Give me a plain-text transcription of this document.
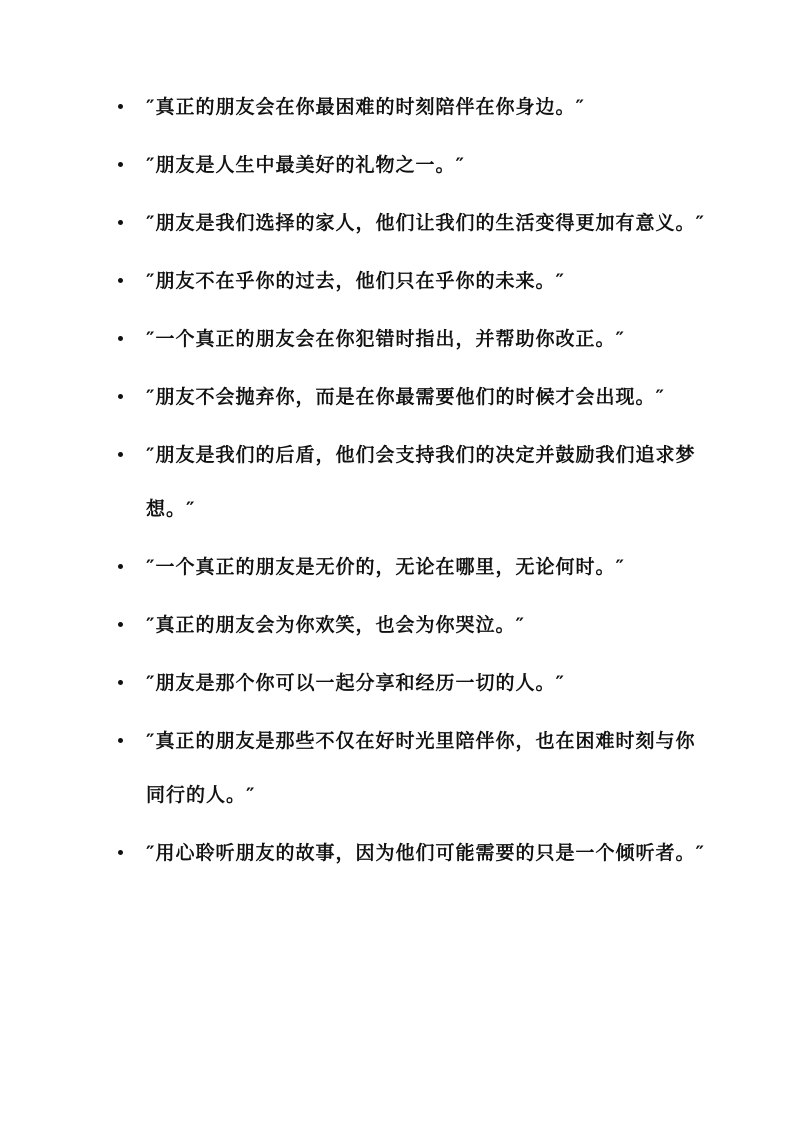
″真正的朋友会在你最困难的时刻陪伴在你身边。″
″朋友是人生中最美好的礼物之一。″
″朋友是我们选择的家人，他们让我们的生活变得更加有意义。″
″朋友不在乎你的过去，他们只在乎你的未来。″
″一个真正的朋友会在你犯错时指出，并帮助你改正。″
″朋友不会抛弃你，而是在你最需要他们的时候才会出现。″
″朋友是我们的后盾，他们会支持我们的决定并鼓励我们追求梦想。″
″一个真正的朋友是无价的，无论在哪里，无论何时。″
″真正的朋友会为你欢笑，也会为你哭泣。″
″朋友是那个你可以一起分享和经历一切的人。″
″真正的朋友是那些不仅在好时光里陪伴你，也在困难时刻与你同行的人。″
″用心聆听朋友的故事，因为他们可能需要的只是一个倾听者。″
